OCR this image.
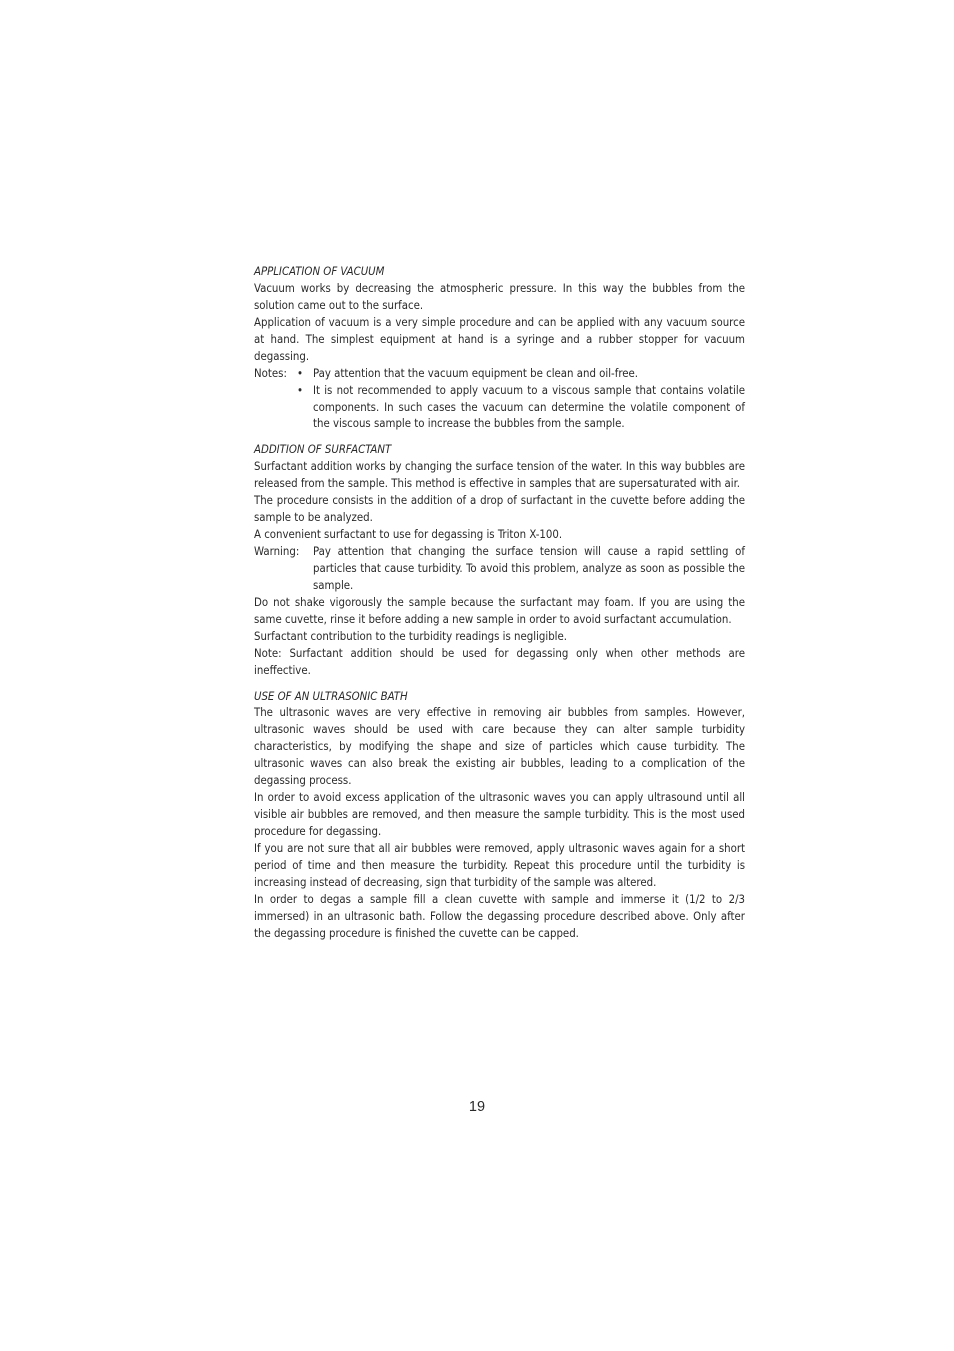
APPLICATION OF VACUUM

Vacuum works by decreasing the atmospheric pressure. In this way the bubbles from the solution came out to the surface.

Application of vacuum is a very simple procedure and can be applied with any vacuum source at hand. The simplest equipment at hand is a syringe and a rubber stopper for vacuum degassing.

Notes: • Pay attention that the vacuum equipment be clean and oil-free.
• It is not recommended to apply vacuum to a viscous sample that contains volatile components. In such cases the vacuum can determine the volatile component of the viscous sample to increase the bubbles from the sample.

ADDITION OF SURFACTANT

Surfactant addition works by changing the surface tension of the water. In this way bubbles are released from the sample. This method is effective in samples that are supersaturated with air.

The procedure consists in the addition of a drop of surfactant in the cuvette before adding the sample to be analyzed.

A convenient surfactant to use for degassing is Triton X-100.

Warning: Pay attention that changing the surface tension will cause a rapid settling of particles that cause turbidity. To avoid this problem, analyze as soon as possible the sample.

Do not shake vigorously the sample because the surfactant may foam. If you are using the same cuvette, rinse it before adding a new sample in order to avoid surfactant accumulation.

Surfactant contribution to the turbidity readings is negligible.

Note: Surfactant addition should be used for degassing only when other methods are ineffective.

USE OF AN ULTRASONIC BATH

The ultrasonic waves are very effective in removing air bubbles from samples. However, ultrasonic waves should be used with care because they can alter sample turbidity characteristics, by modifying the shape and size of particles which cause turbidity. The ultrasonic waves can also break the existing air bubbles, leading to a complication of the degassing process.

In order to avoid excess application of the ultrasonic waves you can apply ultrasound until all visible air bubbles are removed, and then measure the sample turbidity. This is the most used procedure for degassing.

If you are not sure that all air bubbles were removed, apply ultrasonic waves again for a short period of time and then measure the turbidity. Repeat this procedure until the turbidity is increasing instead of decreasing, sign that turbidity of the sample was altered.

In order to degas a sample fill a clean cuvette with sample and immerse it (1/2 to 2/3 immersed) in an ultrasonic bath. Follow the degassing procedure described above. Only after the degassing procedure is finished the cuvette can be capped.

19
